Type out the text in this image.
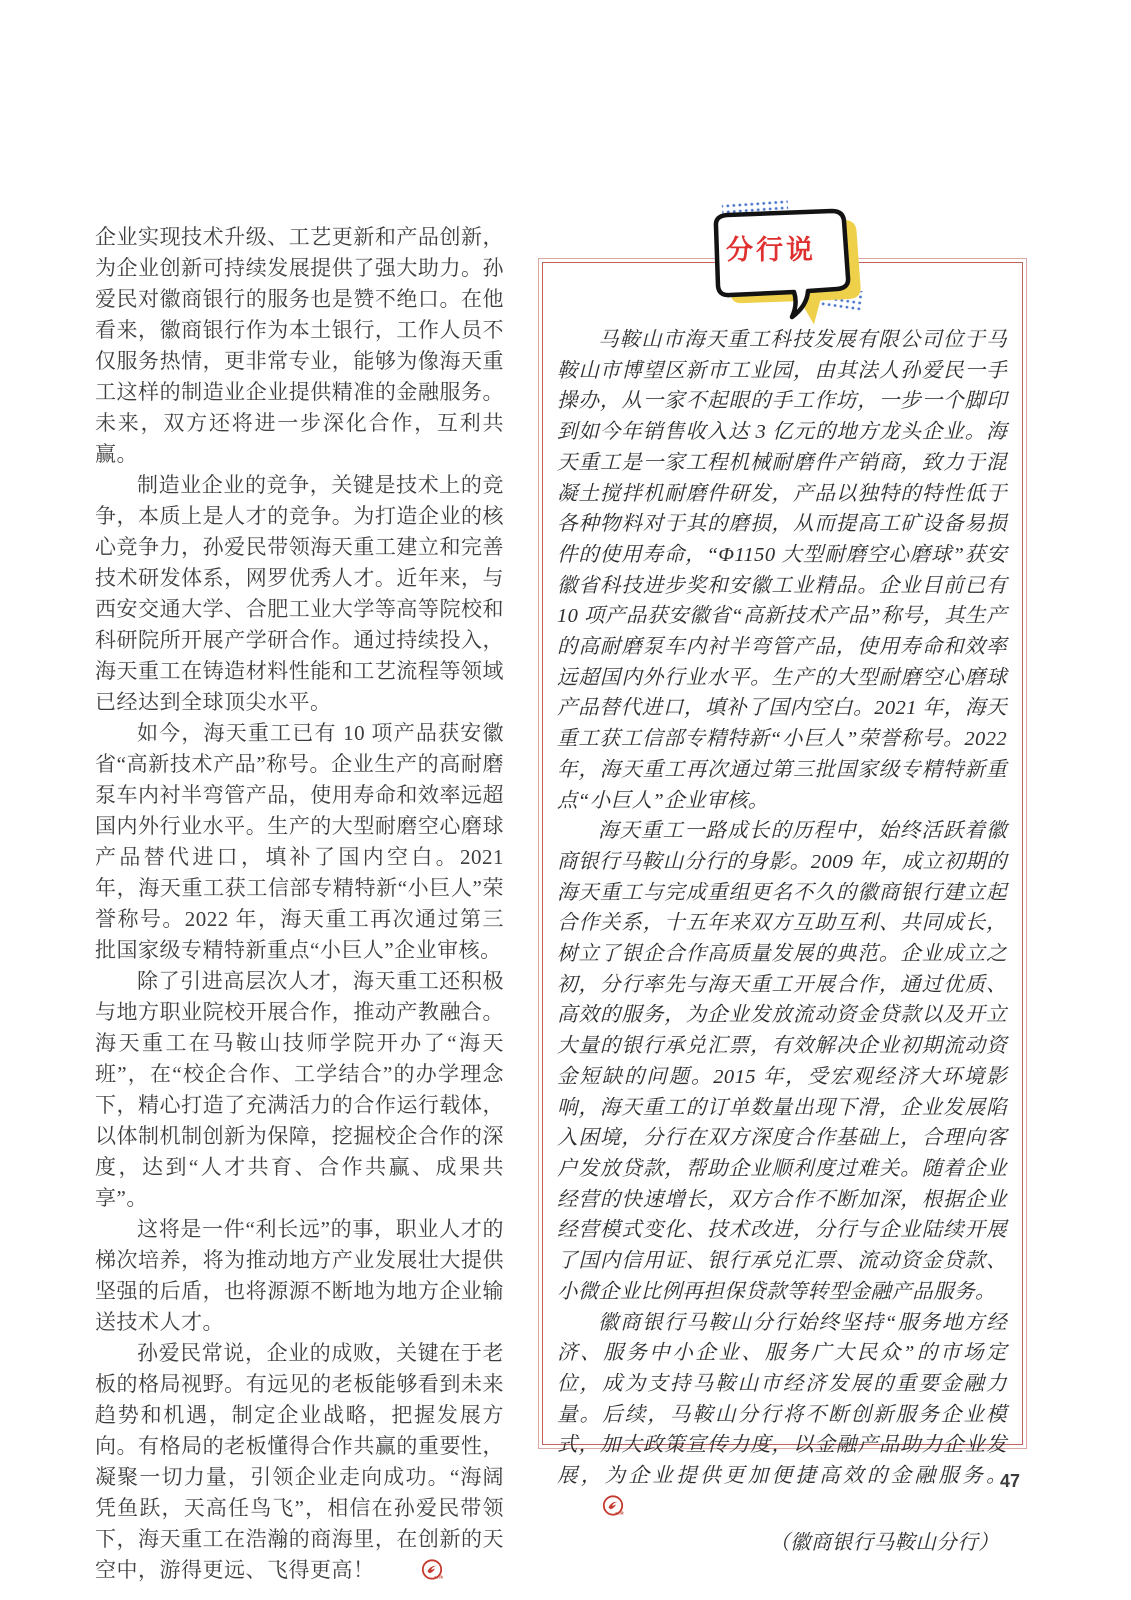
企业实现技术升级、工艺更新和产品创新，为企业创新可持续发展提供了强大助力。孙爱民对徽商银行的服务也是赞不绝口。在他看来，徽商银行作为本土银行，工作人员不仅服务热情，更非常专业，能够为像海天重工这样的制造业企业提供精准的金融服务。未来，双方还将进一步深化合作，互利共赢。

制造业企业的竞争，关键是技术上的竞争，本质上是人才的竞争。为打造企业的核心竞争力，孙爱民带领海天重工建立和完善技术研发体系，网罗优秀人才。近年来，与西安交通大学、合肥工业大学等高等院校和科研院所开展产学研合作。通过持续投入，海天重工在铸造材料性能和工艺流程等领域已经达到全球顶尖水平。

如今，海天重工已有 10 项产品获安徽省“高新技术产品”称号。企业生产的高耐磨泵车内衬半弯管产品，使用寿命和效率远超国内外行业水平。生产的大型耐磨空心磨球产品替代进口，填补了国内空白。2021 年，海天重工获工信部专精特新“小巨人”荣誉称号。2022 年，海天重工再次通过第三批国家级专精特新重点“小巨人”企业审核。

除了引进高层次人才，海天重工还积极与地方职业院校开展合作，推动产教融合。海天重工在马鞍山技师学院开办了“海天班”，在“校企合作、工学结合”的办学理念下，精心打造了充满活力的合作运行载体，以体制机制创新为保障，挖掘校企合作的深度，达到“人才共育、合作共赢、成果共享”。

这将是一件“利长远”的事，职业人才的梯次培养，将为推动地方产业发展壮大提供坚强的后盾，也将源源不断地为地方企业输送技术人才。

孙爱民常说，企业的成败，关键在于老板的格局视野。有远见的老板能够看到未来趋势和机遇，制定企业战略，把握发展方向。有格局的老板懂得合作共赢的重要性，凝聚一切力量，引领企业走向成功。“海阔凭鱼跃，天高任鸟飞”，相信在孙爱民带领下，海天重工在浩瀚的商海里，在创新的天空中，游得更远、飞得更高！	ank

马鞍山市海天重工科技发展有限公司位于马鞍山市博望区新市工业园，由其法人孙爱民一手操办，从一家不起眼的手工作坊，一步一个脚印到如今年销售收入达 3 亿元的地方龙头企业。海天重工是一家工程机械耐磨件产销商，致力于混凝土搅拌机耐磨件研发，产品以独特的特性低于各种物料对于其的磨损，从而提高工矿设备易损件的使用寿命，“Φ1150 大型耐磨空心磨球”获安徽省科技进步奖和安徽工业精品。企业目前已有 10 项产品获安徽省“高新技术产品”称号，其生产的高耐磨泵车内衬半弯管产品，使用寿命和效率远超国内外行业水平。生产的大型耐磨空心磨球产品替代进口，填补了国内空白。2021 年，海天重工获工信部专精特新“小巨人”荣誉称号。2022 年，海天重工再次通过第三批国家级专精特新重点“小巨人”企业审核。

海天重工一路成长的历程中，始终活跃着徽商银行马鞍山分行的身影。2009 年，成立初期的海天重工与完成重组更名不久的徽商银行建立起合作关系，十五年来双方互助互利、共同成长，树立了银企合作高质量发展的典范。企业成立之初，分行率先与海天重工开展合作，通过优质、高效的服务，为企业发放流动资金贷款以及开立大量的银行承兑汇票，有效解决企业初期流动资金短缺的问题。2015 年，受宏观经济大环境影响，海天重工的订单数量出现下滑，企业发展陷入困境，分行在双方深度合作基础上，合理向客户发放贷款，帮助企业顺利度过难关。随着企业经营的快速增长，双方合作不断加深，根据企业经营模式变化、技术改进，分行与企业陆续开展了国内信用证、银行承兑汇票、流动资金贷款、小微企业比例再担保贷款等转型金融产品服务。

徽商银行马鞍山分行始终坚持“服务地方经济、服务中小企业、服务广大民众”的市场定位，成为支持马鞍山市经济发展的重要金融力量。后续，马鞍山分行将不断创新服务企业模式，加大政策宣传力度，以金融产品助力企业发展，为企业提供更加便捷高效的金融服务。
ank

（徽商银行马鞍山分行）

分行说
47
